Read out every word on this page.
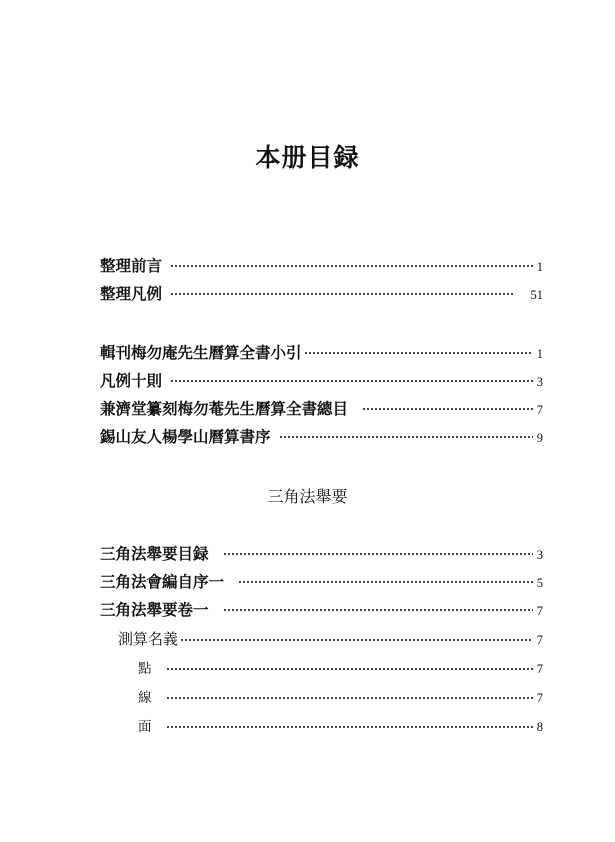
本册目録
整理前言	1
整理凡例	51
輯刊梅勿庵先生曆算全書小引	1
凡例十則	3
兼濟堂纂刻梅勿菴先生曆算全書總目	7
錫山友人楊學山曆算書序	9
三角法舉要
三角法舉要目録	3
三角法會編自序一	5
三角法舉要卷一	7
測算名義	7
點	7
線	7
面	8
